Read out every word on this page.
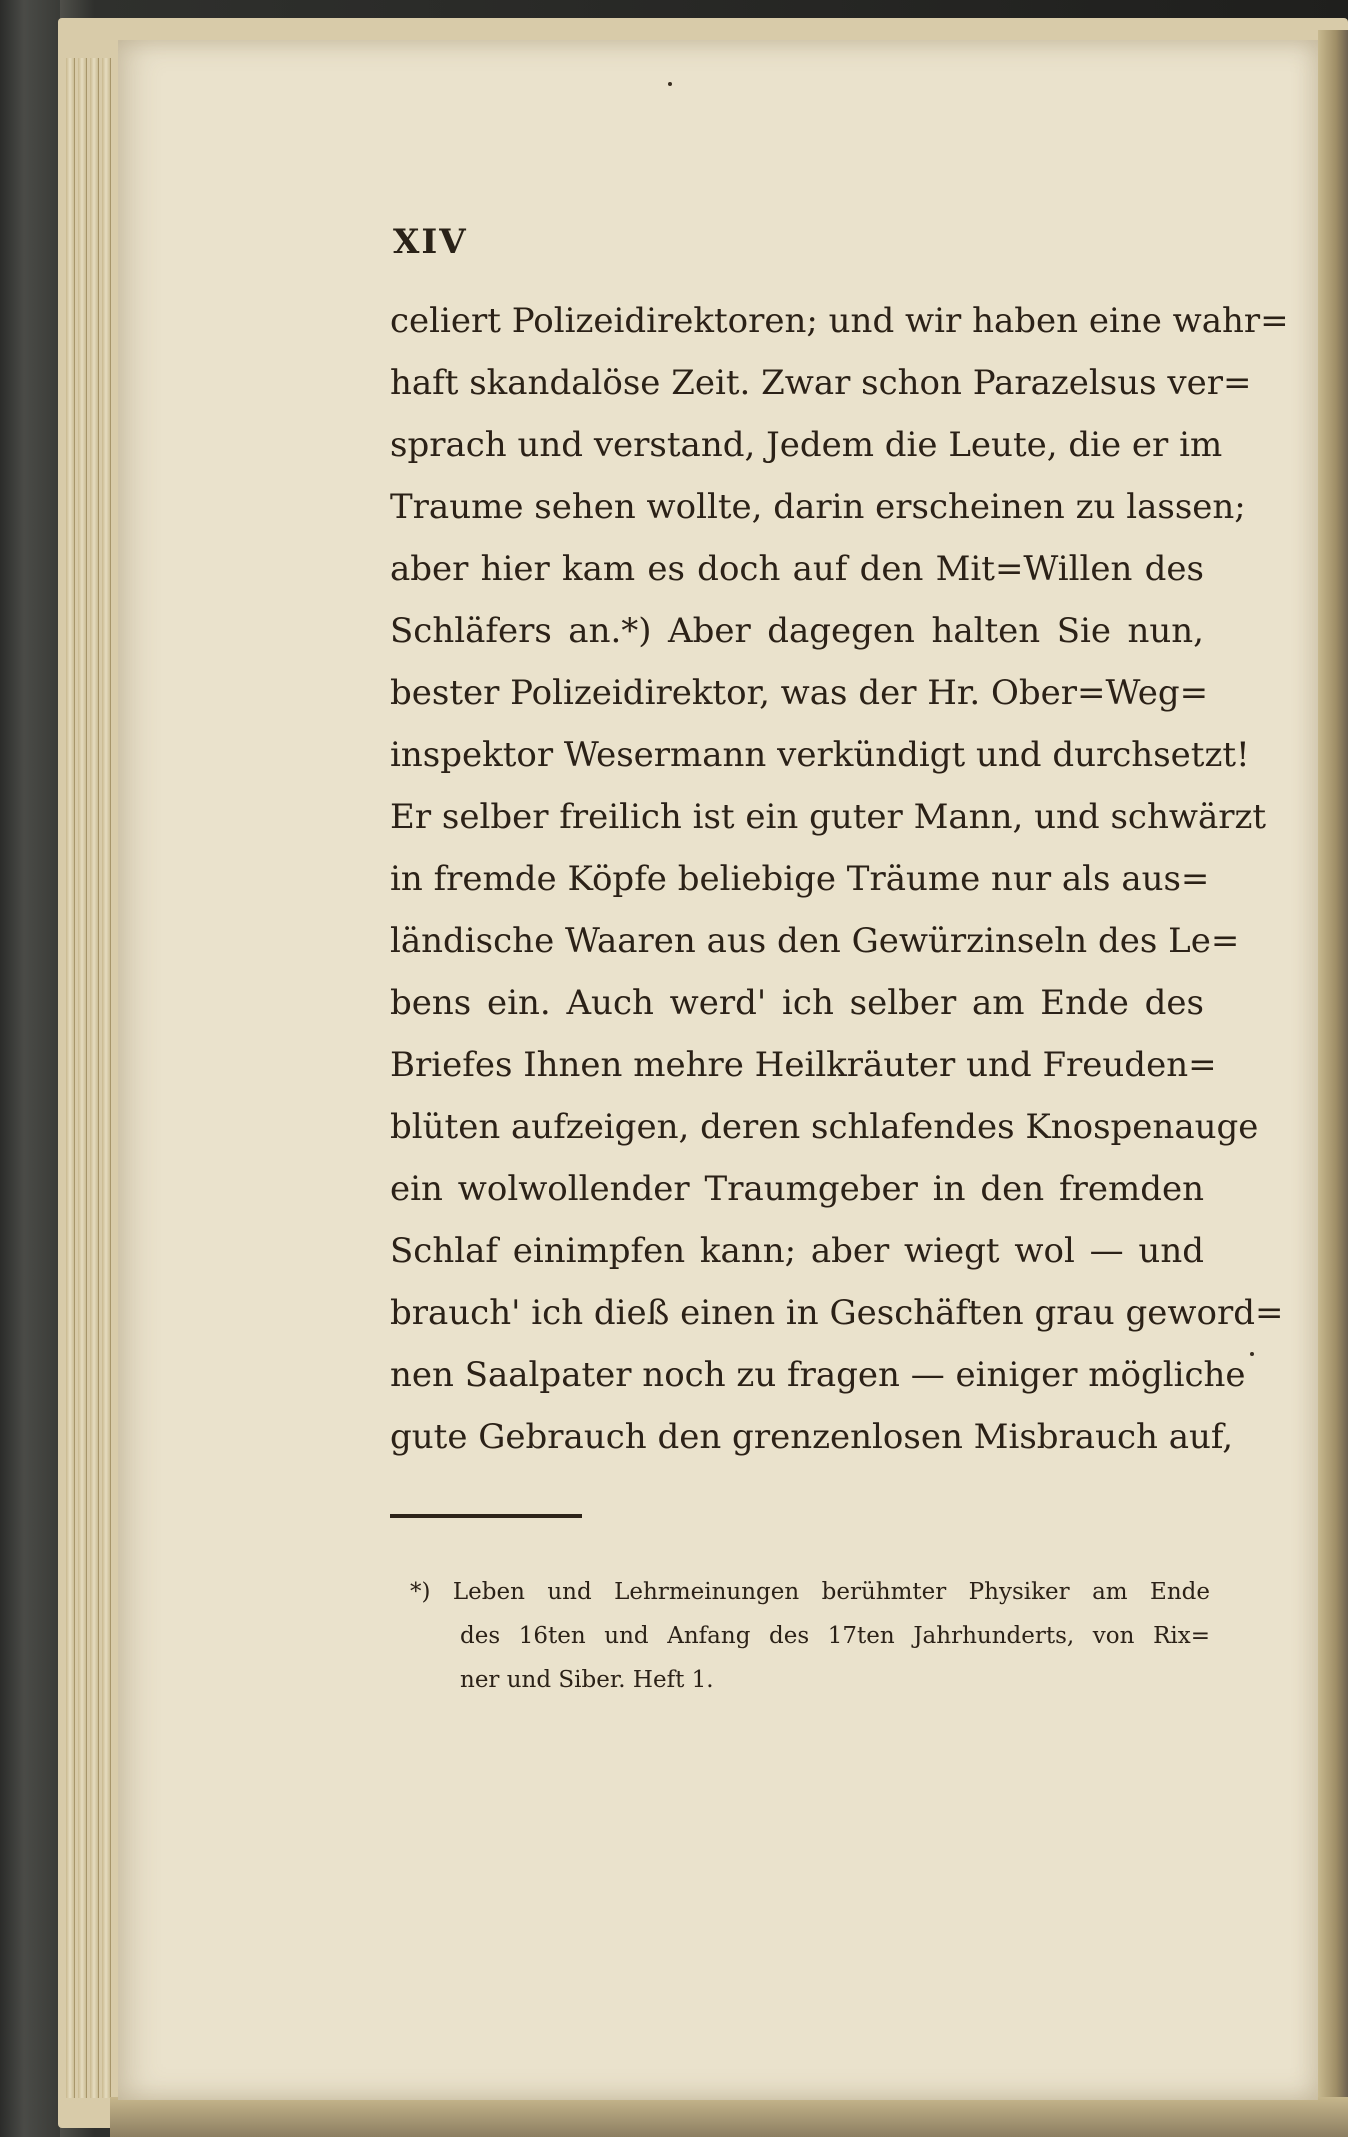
XIV
celiert Polizeidirektoren; und wir haben eine wahr=
haft skandalöse Zeit. Zwar schon Parazelsus ver=
sprach und verstand, Jedem die Leute, die er im
Traume sehen wollte, darin erscheinen zu lassen;
aber hier kam es doch auf den Mit=Willen des
Schläfers an.*) Aber dagegen halten Sie nun,
bester Polizeidirektor, was der Hr. Ober=Weg=
inspektor Wesermann verkündigt und durchsetzt!
Er selber freilich ist ein guter Mann, und schwärzt
in fremde Köpfe beliebige Träume nur als aus=
ländische Waaren aus den Gewürzinseln des Le=
bens ein. Auch werd' ich selber am Ende des
Briefes Ihnen mehre Heilkräuter und Freuden=
blüten aufzeigen, deren schlafendes Knospenauge
ein wolwollender Traumgeber in den fremden
Schlaf einimpfen kann; aber wiegt wol — und
brauch' ich dieß einen in Geschäften grau geword=
nen Saalpater noch zu fragen — einiger mögliche
gute Gebrauch den grenzenlosen Misbrauch auf,
*) Leben und Lehrmeinungen berühmter Physiker am Ende
des 16ten und Anfang des 17ten Jahrhunderts, von Rix=
ner und Siber. Heft 1.
